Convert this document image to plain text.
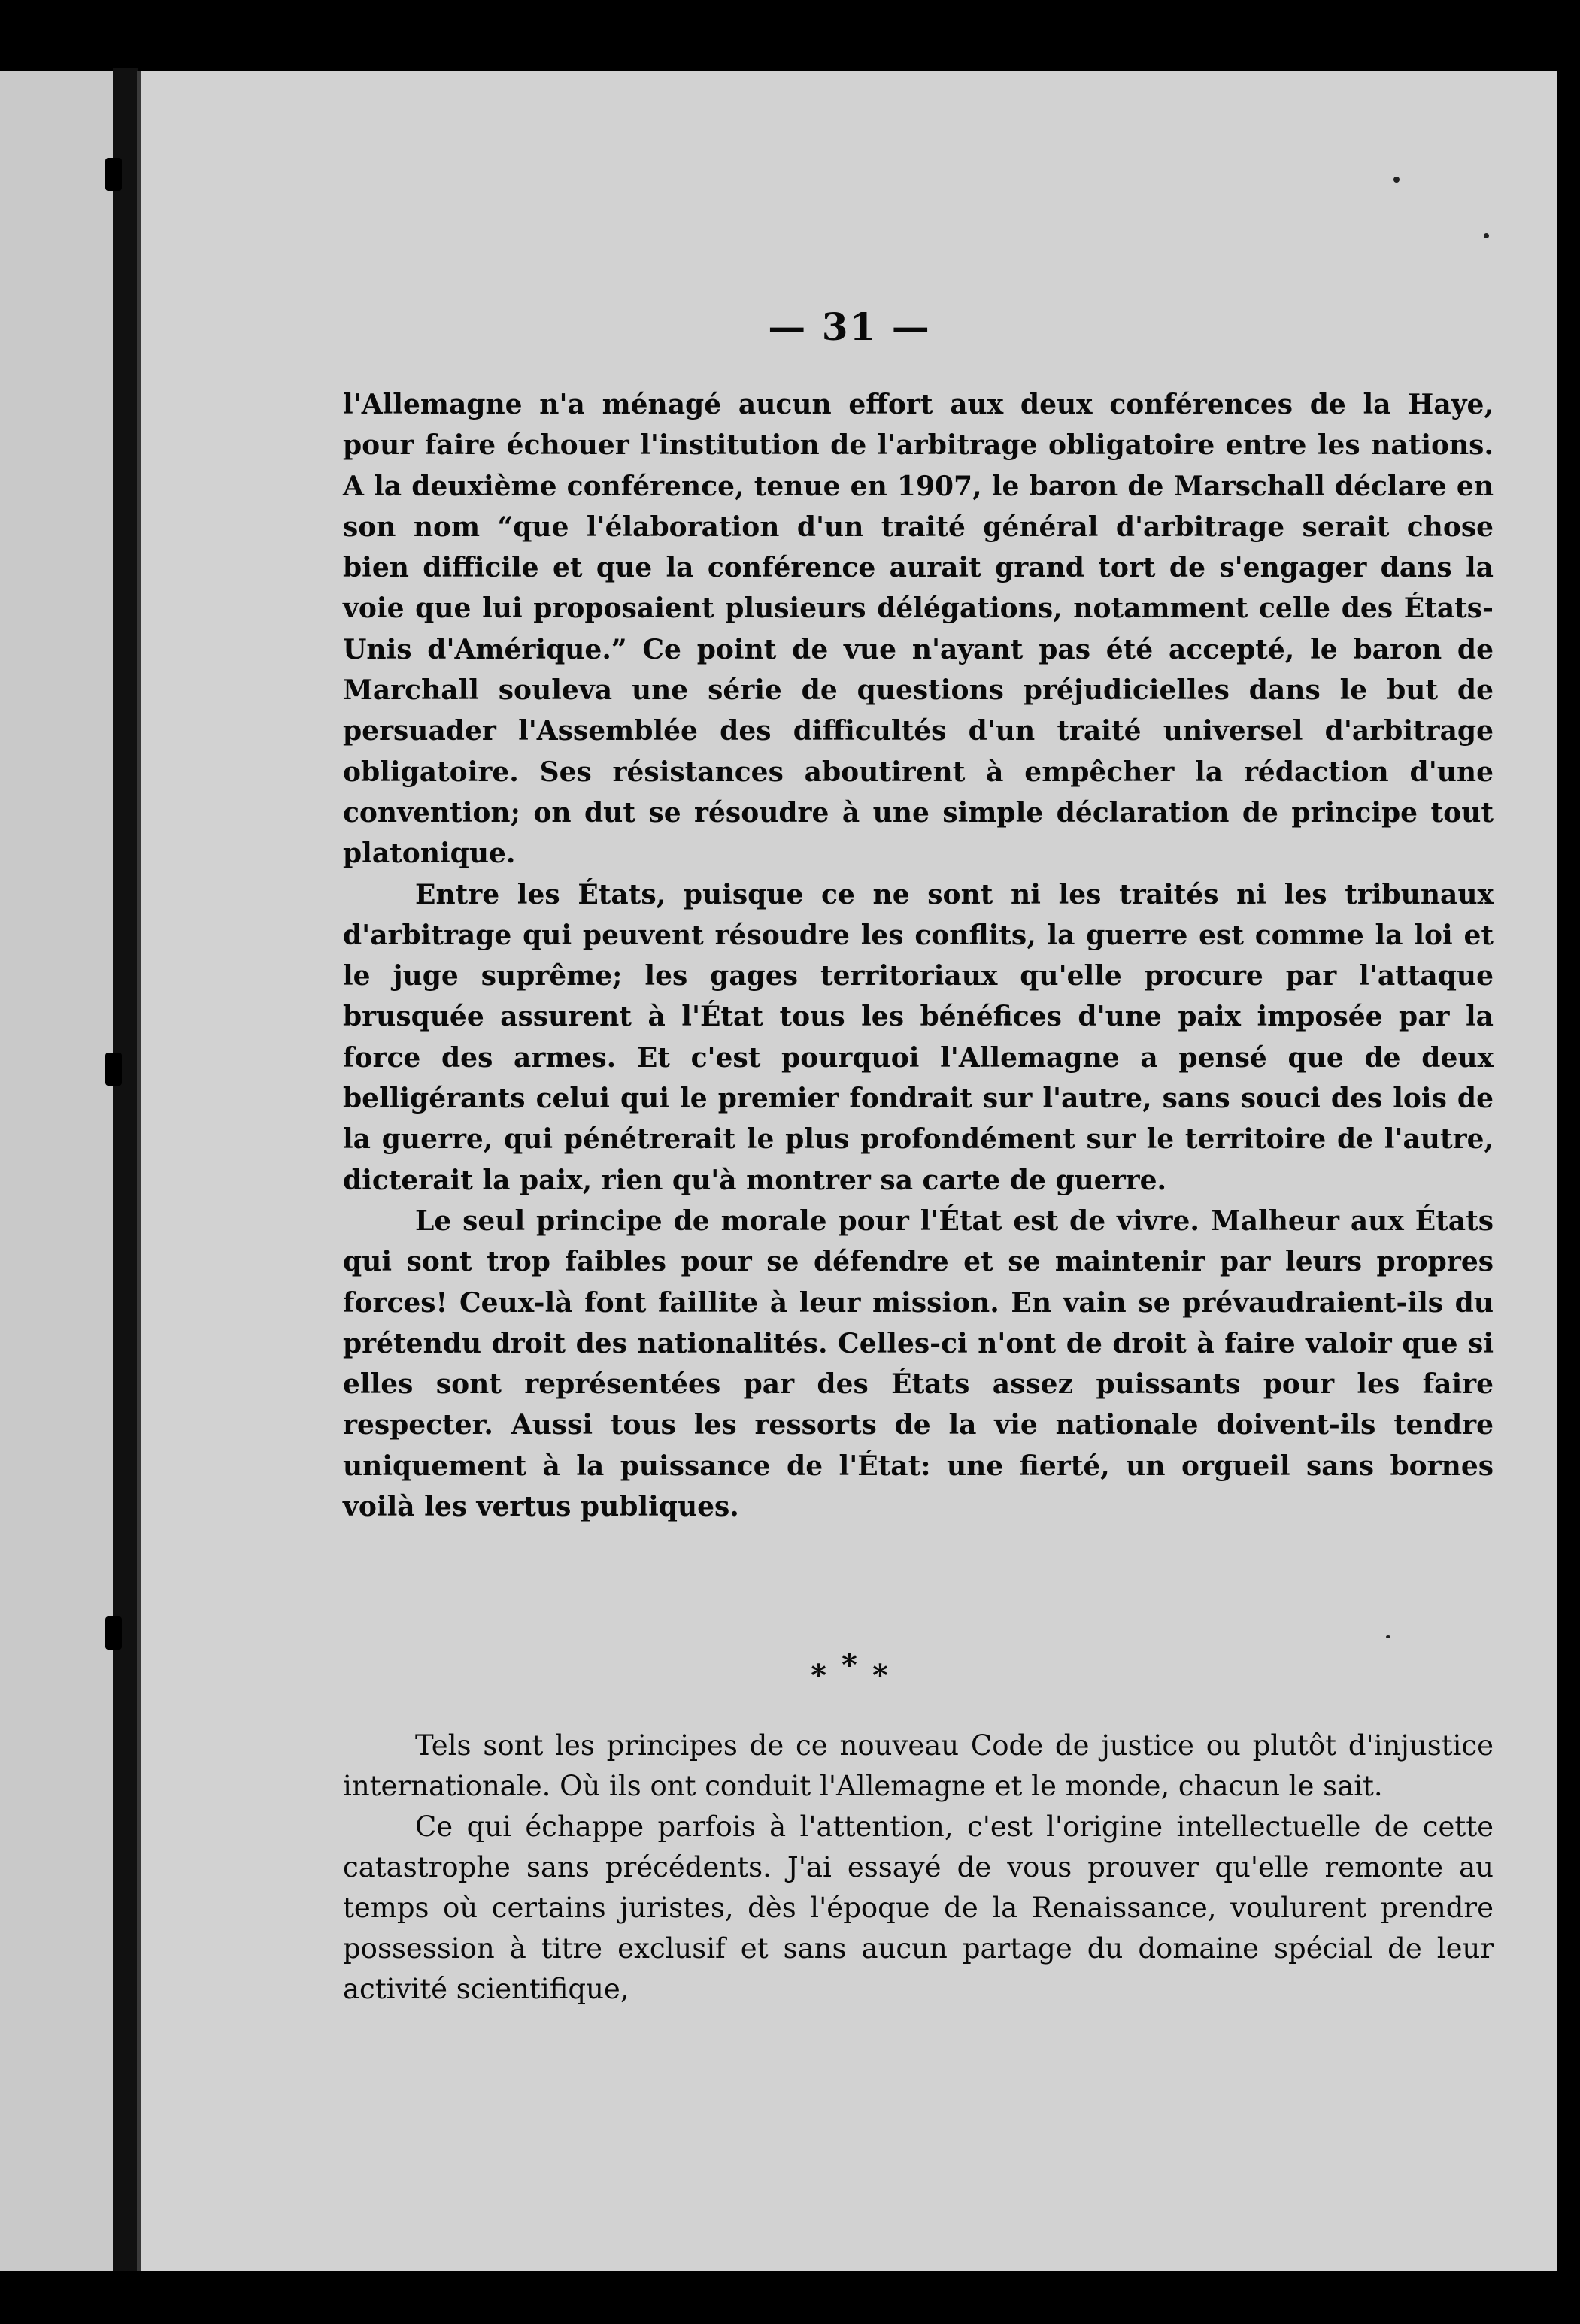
— 31 —

l'Allemagne n'a ménagé aucun effort aux deux conférences de la Haye, pour faire échouer l'institution de l'arbitrage obligatoire entre les nations. A la deuxième conférence, tenue en 1907, le baron de Marschall déclare en son nom “que l'élaboration d'un traité général d'arbitrage serait chose bien difficile et que la conférence aurait grand tort de s'engager dans la voie que lui proposaient plusieurs délégations, notamment celle des États-Unis d'Amérique.” Ce point de vue n'ayant pas été accepté, le baron de Marchall souleva une série de questions préjudicielles dans le but de persuader l'Assemblée des difficultés d'un traité universel d'arbitrage obligatoire. Ses résistances aboutirent à empêcher la rédaction d'une convention; on dut se résoudre à une simple déclaration de principe tout platonique.

Entre les États, puisque ce ne sont ni les traités ni les tribunaux d'arbitrage qui peuvent résoudre les conflits, la guerre est comme la loi et le juge suprême; les gages territoriaux qu'elle procure par l'attaque brusquée assurent à l'État tous les bénéfices d'une paix imposée par la force des armes. Et c'est pourquoi l'Allemagne a pensé que de deux belligérants celui qui le premier fondrait sur l'autre, sans souci des lois de la guerre, qui pénétrerait le plus profondément sur le territoire de l'autre, dicterait la paix, rien qu'à montrer sa carte de guerre.

Le seul principe de morale pour l'État est de vivre. Malheur aux États qui sont trop faibles pour se défendre et se maintenir par leurs propres forces! Ceux-là font faillite à leur mission. En vain se prévaudraient-ils du prétendu droit des nationalités. Celles-ci n'ont de droit à faire valoir que si elles sont représentées par des États assez puissants pour les faire respecter. Aussi tous les ressorts de la vie nationale doivent-ils tendre uniquement à la puissance de l'État: une fierté, un orgueil sans bornes voilà les vertus publiques.

* * *

Tels sont les principes de ce nouveau Code de justice ou plutôt d'injustice internationale. Où ils ont conduit l'Allemagne et le monde, chacun le sait.

Ce qui échappe parfois à l'attention, c'est l'origine intellectuelle de cette catastrophe sans précédents. J'ai essayé de vous prouver qu'elle remonte au temps où certains juristes, dès l'époque de la Renaissance, voulurent prendre possession à titre exclusif et sans aucun partage du domaine spécial de leur activité scientifique,
